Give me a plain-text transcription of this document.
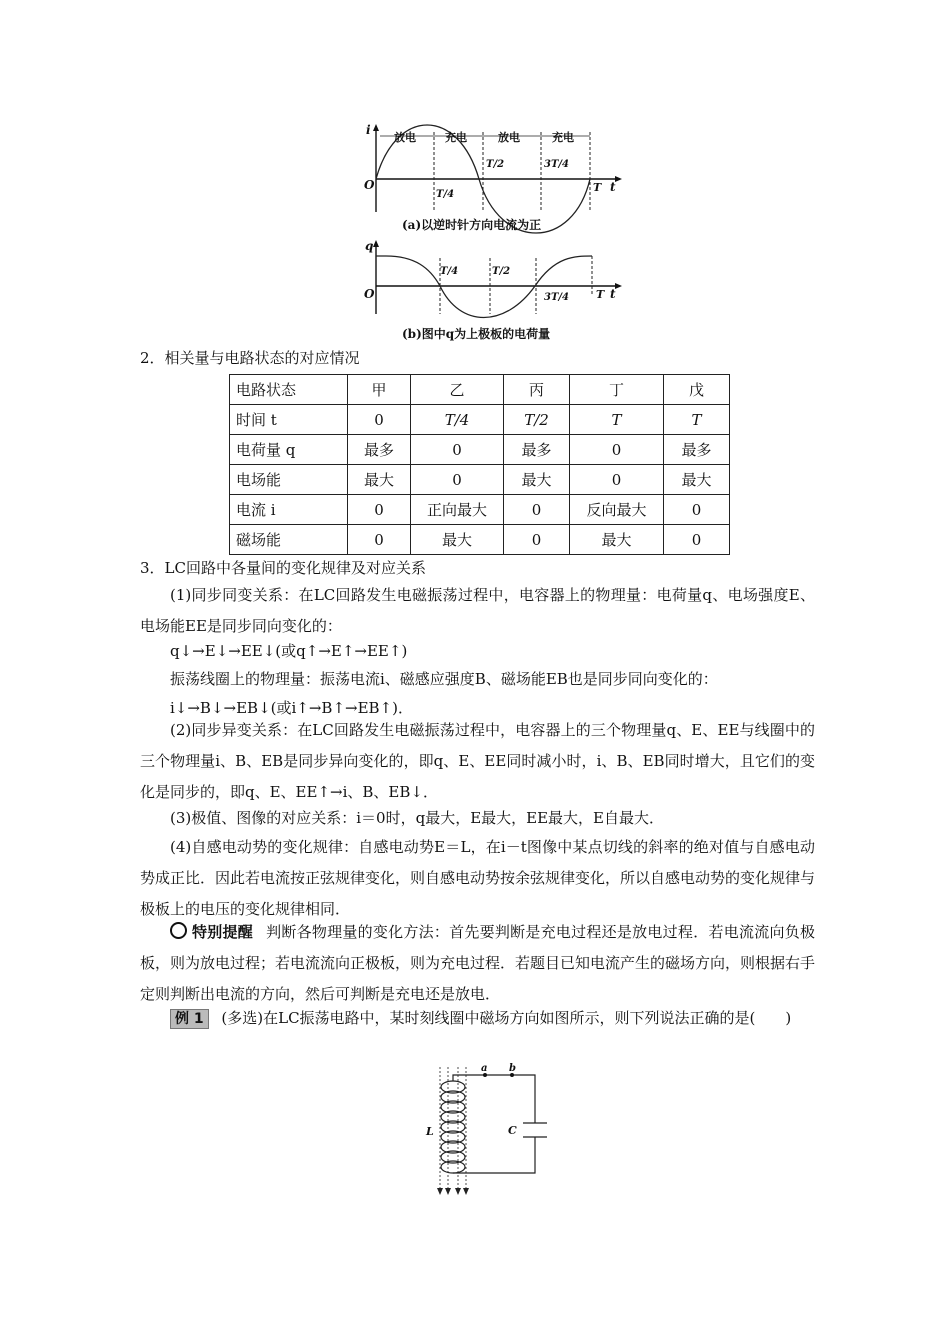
i
t
O
放电	充电	放电	充电
T/4
T/2	3T/4
T
(a)以逆时针方向电流为正
q
t
O
T/4	T/2
3T/4 T
(b)图中q为上极板的电荷量
2．相关量与电路状态的对应情况
电路状态	甲	乙	丙	丁	戊
时间 t	0	T/4	T/2	T	T
电荷量 q	最多	0	最多	0	最多
电场能	最大	0	最大	0	最大
电流 i	0	正向最大	0	反向最大	0
磁场能	0	最大	0	最大	0
3．LC回路中各量间的变化规律及对应关系
(1)同步同变关系：在LC回路发生电磁振荡过程中，电容器上的物理量：电荷量q、电场强度E、电场能EE是同步同向变化的：
q↓→E↓→EE↓(或q↑→E↑→EE↑)
振荡线圈上的物理量：振荡电流i、磁感应强度B、磁场能EB也是同步同向变化的：
i↓→B↓→EB↓(或i↑→B↑→EB↑)．
(2)同步异变关系：在LC回路发生电磁振荡过程中，电容器上的三个物理量q、E、EE与线圈中的三个物理量i、B、EB是同步异向变化的，即q、E、EE同时减小时，i、B、EB同时增大，且它们的变化是同步的，即q、E、EE↑→i、B、EB↓．
(3)极值、图像的对应关系：i＝0时，q最大，E最大，EE最大，E自最大．
(4)自感电动势的变化规律：自感电动势E＝L，在i－t图像中某点切线的斜率的绝对值与自感电动势成正比．因此若电流按正弦规律变化，则自感电动势按余弦规律变化，所以自感电动势的变化规律与极板上的电压的变化规律相同．
特别提醒 判断各物理量的变化方法：首先要判断是充电过程还是放电过程．若电流流向负极板，则为放电过程；若电流流向正极板，则为充电过程．若题目已知电流产生的磁场方向，则根据右手定则判断出电流的方向，然后可判断是充电还是放电．
例 1 (多选)在LC振荡电路中，某时刻线圈中磁场方向如图所示，则下列说法正确的是(　　)
a b
L	C
